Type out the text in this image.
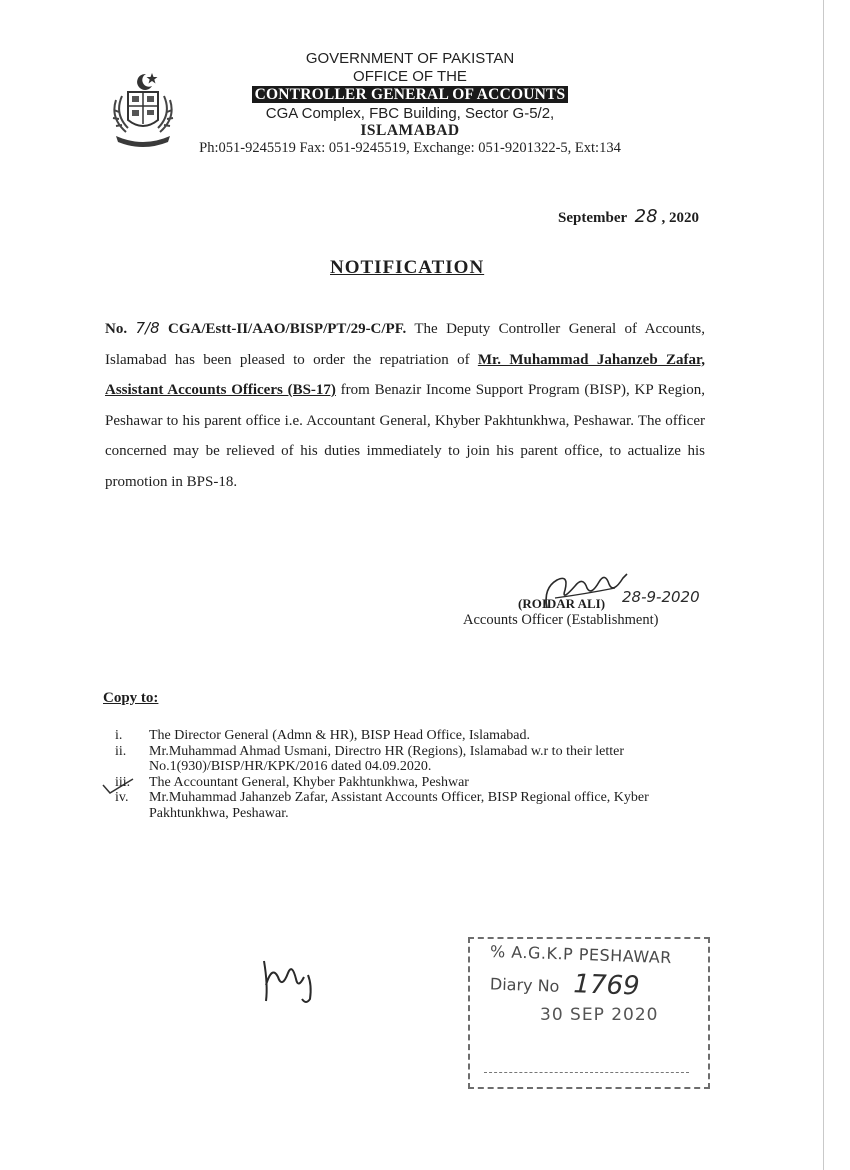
GOVERNMENT OF PAKISTAN
OFFICE OF THE
CONTROLLER GENERAL OF ACCOUNTS
CGA Complex, FBC Building, Sector G-5/2,
ISLAMABAD
Ph:051-9245519 Fax: 051-9245519, Exchange: 051-9201322-5, Ext:134
September 28 , 2020
NOTIFICATION
No. 7/8 CGA/Estt-II/AAO/BISP/PT/29-C/PF. The Deputy Controller General of Accounts, Islamabad has been pleased to order the repatriation of Mr. Muhammad Jahanzeb Zafar, Assistant Accounts Officers (BS-17) from Benazir Income Support Program (BISP), KP Region, Peshawar to his parent office i.e. Accountant General, Khyber Pakhtunkhwa, Peshawar. The officer concerned may be relieved of his duties immediately to join his parent office, to actualize his promotion in BPS-18.
(ROIDAR ALI) 28-9-2020
Accounts Officer (Establishment)
Copy to:
i. The Director General (Admn & HR), BISP Head Office, Islamabad.
ii. Mr.Muhammad Ahmad Usmani, Directro HR (Regions), Islamabad w.r to their letter No.1(930)/BISP/HR/KPK/2016 dated 04.09.2020.
iii. The Accountant General, Khyber Pakhtunkhwa, Peshwar
iv. Mr.Muhammad Jahanzeb Zafar, Assistant Accounts Officer, BISP Regional office, Kyber Pakhtunkhwa, Peshawar.
% A.G.K.P PESHAWAR
Diary No 1769
30 SEP 2020
